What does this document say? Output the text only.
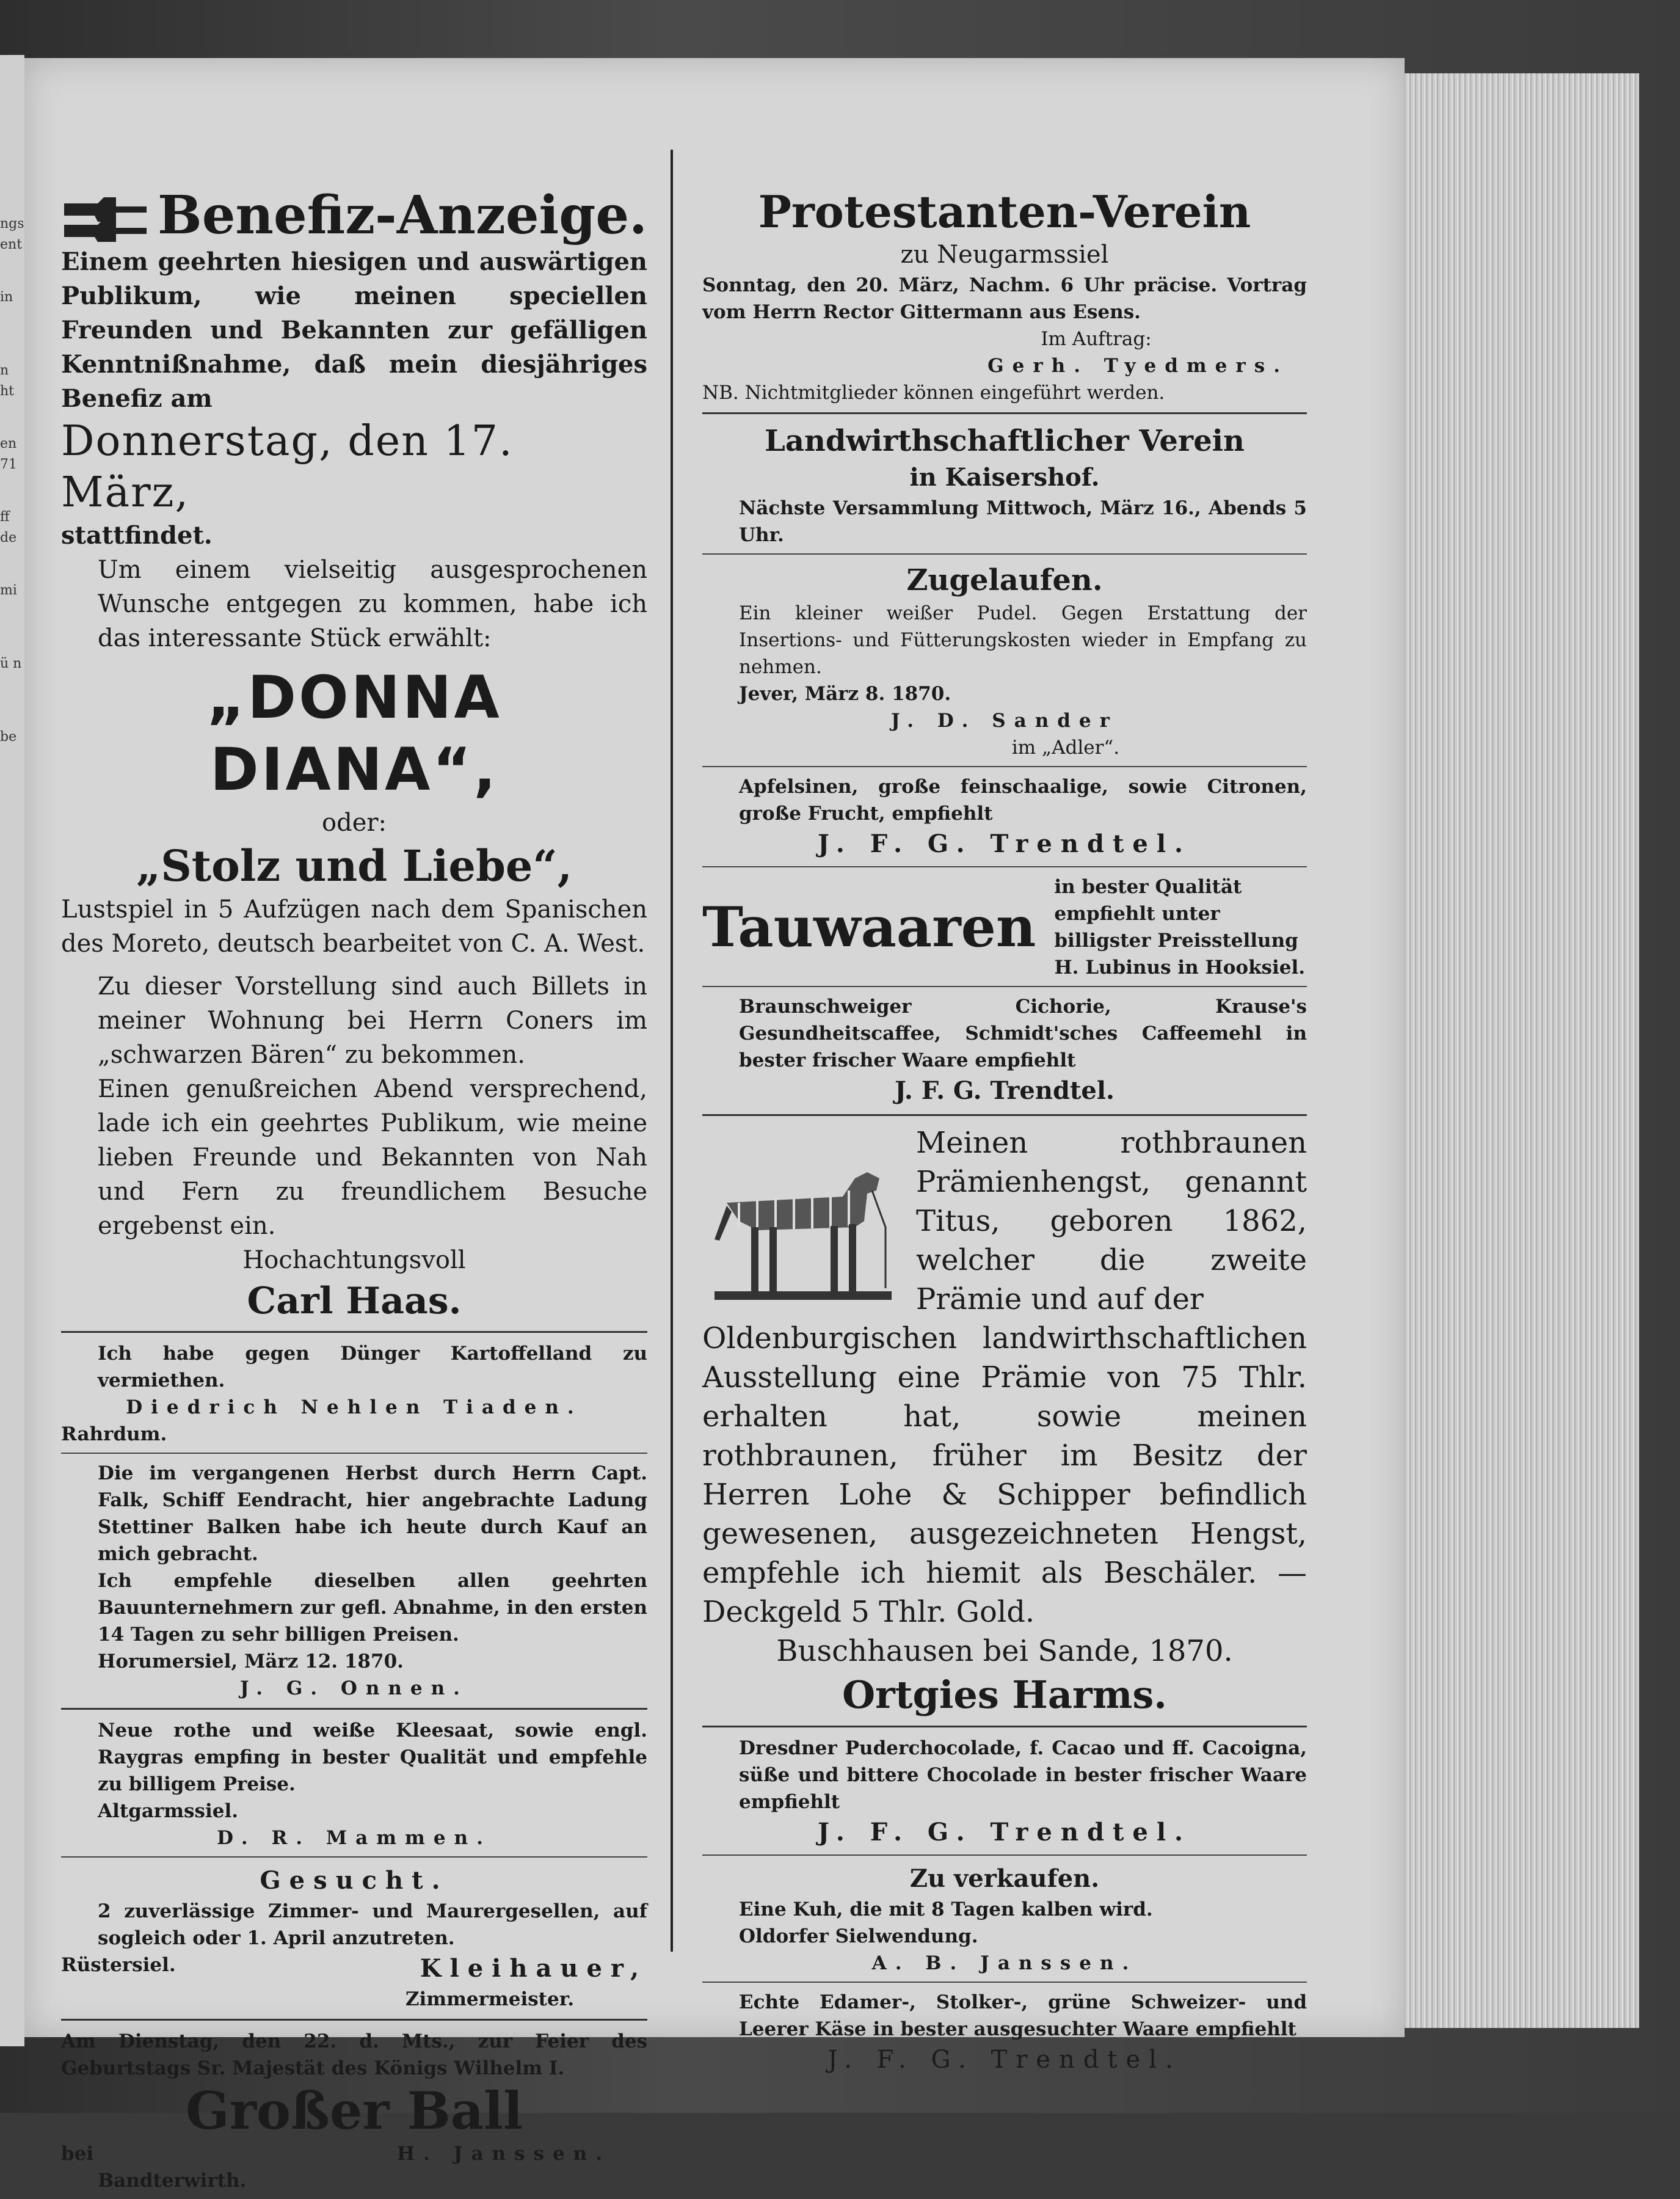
ngs ent
in
n ht
en 71
ff de
mi
ü n
be
Benefiz-Anzeige.

Einem geehrten hiesigen und auswärtigen Publikum, wie meinen speciellen Freunden und Bekannten zur gefälligen Kenntnißnahme, daß mein diesjähriges Benefiz am

Donnerstag, den 17. März,

stattfindet.

Um einem vielseitig ausgesprochenen Wunsche entgegen zu kommen, habe ich das interessante Stück erwählt:

„DONNA DIANA“,

oder:

„Stolz und Liebe“,

Lustspiel in 5 Aufzügen nach dem Spanischen des Moreto, deutsch bearbeitet von C. A. West.

Zu dieser Vorstellung sind auch Billets in meiner Wohnung bei Herrn Coners im „schwarzen Bären“ zu bekommen.

Einen genußreichen Abend versprechend, lade ich ein geehrtes Publikum, wie meine lieben Freunde und Bekannten von Nah und Fern zu freundlichem Besuche ergebenst ein.

Hochachtungsvoll

Carl Haas.

Ich habe gegen Dünger Kartoffelland zu vermiethen.

Diedrich Nehlen Tiaden.

Rahrdum.

Die im vergangenen Herbst durch Herrn Capt. Falk, Schiff Eendracht, hier angebrachte Ladung Stettiner Balken habe ich heute durch Kauf an mich gebracht.

Ich empfehle dieselben allen geehrten Bauunternehmern zur gefl. Abnahme, in den ersten 14 Tagen zu sehr billigen Preisen.

Horumersiel, März 12. 1870.

J. G. Onnen.

Neue rothe und weiße Kleesaat, sowie engl. Raygras empfing in bester Qualität und empfehle zu billigem Preise.

Altgarmssiel.

D. R. Mammen.

Gesucht.

2 zuverlässige Zimmer- und Maurergesellen, auf sogleich oder 1. April anzutreten.

Rüstersiel.	Kleihauer,

Zimmermeister.

Am Dienstag, den 22. d. Mts., zur Feier des Geburtstags Sr. Majestät des Königs Wilhelm I.

Großer Ball

bei	H. Janssen.

Bandterwirth.

Protestanten-Verein

zu Neugarmssiel

Sonntag, den 20. März, Nachm. 6 Uhr präcise. Vortrag vom Herrn Rector Gittermann aus Esens.

Im Auftrag:

Gerh. Tyedmers.

NB. Nichtmitglieder können eingeführt werden.

Landwirthschaftlicher Verein

in Kaisershof.

Nächste Versammlung Mittwoch, März 16., Abends 5 Uhr.

Zugelaufen.

Ein kleiner weißer Pudel. Gegen Erstattung der Insertions- und Fütterungskosten wieder in Empfang zu nehmen.

Jever, März 8. 1870.

J. D. Sander

im „Adler“.

Apfelsinen, große feinschaalige, sowie Citronen, große Frucht, empfiehlt

J. F. G. Trendtel.

Tauwaaren

in bester Qualität empfiehlt unter billigster Preisstellung

H. Lubinus in Hooksiel.

Braunschweiger Cichorie, Krause's Gesundheitscaffee, Schmidt'sches Caffeemehl in bester frischer Waare empfiehlt

J. F. G. Trendtel.

Meinen rothbraunen Prämienhengst, genannt Titus, geboren 1862, welcher die zweite Prämie und auf der

Oldenburgischen landwirthschaftlichen Ausstellung eine Prämie von 75 Thlr. erhalten hat, sowie meinen rothbraunen, früher im Besitz der Herren Lohe & Schipper befindlich gewesenen, ausgezeichneten Hengst, empfehle ich hiemit als Beschäler. — Deckgeld 5 Thlr. Gold.

Buschhausen bei Sande, 1870.

Ortgies Harms.

Dresdner Puderchocolade, f. Cacao und ff. Cacoigna, süße und bittere Chocolade in bester frischer Waare empfiehlt

J. F. G. Trendtel.

Zu verkaufen.

Eine Kuh, die mit 8 Tagen kalben wird.

Oldorfer Sielwendung.

A. B. Janssen.

Echte Edamer-, Stolker-, grüne Schweizer- und Leerer Käse in bester ausgesuchter Waare empfiehlt

J. F. G. Trendtel.
